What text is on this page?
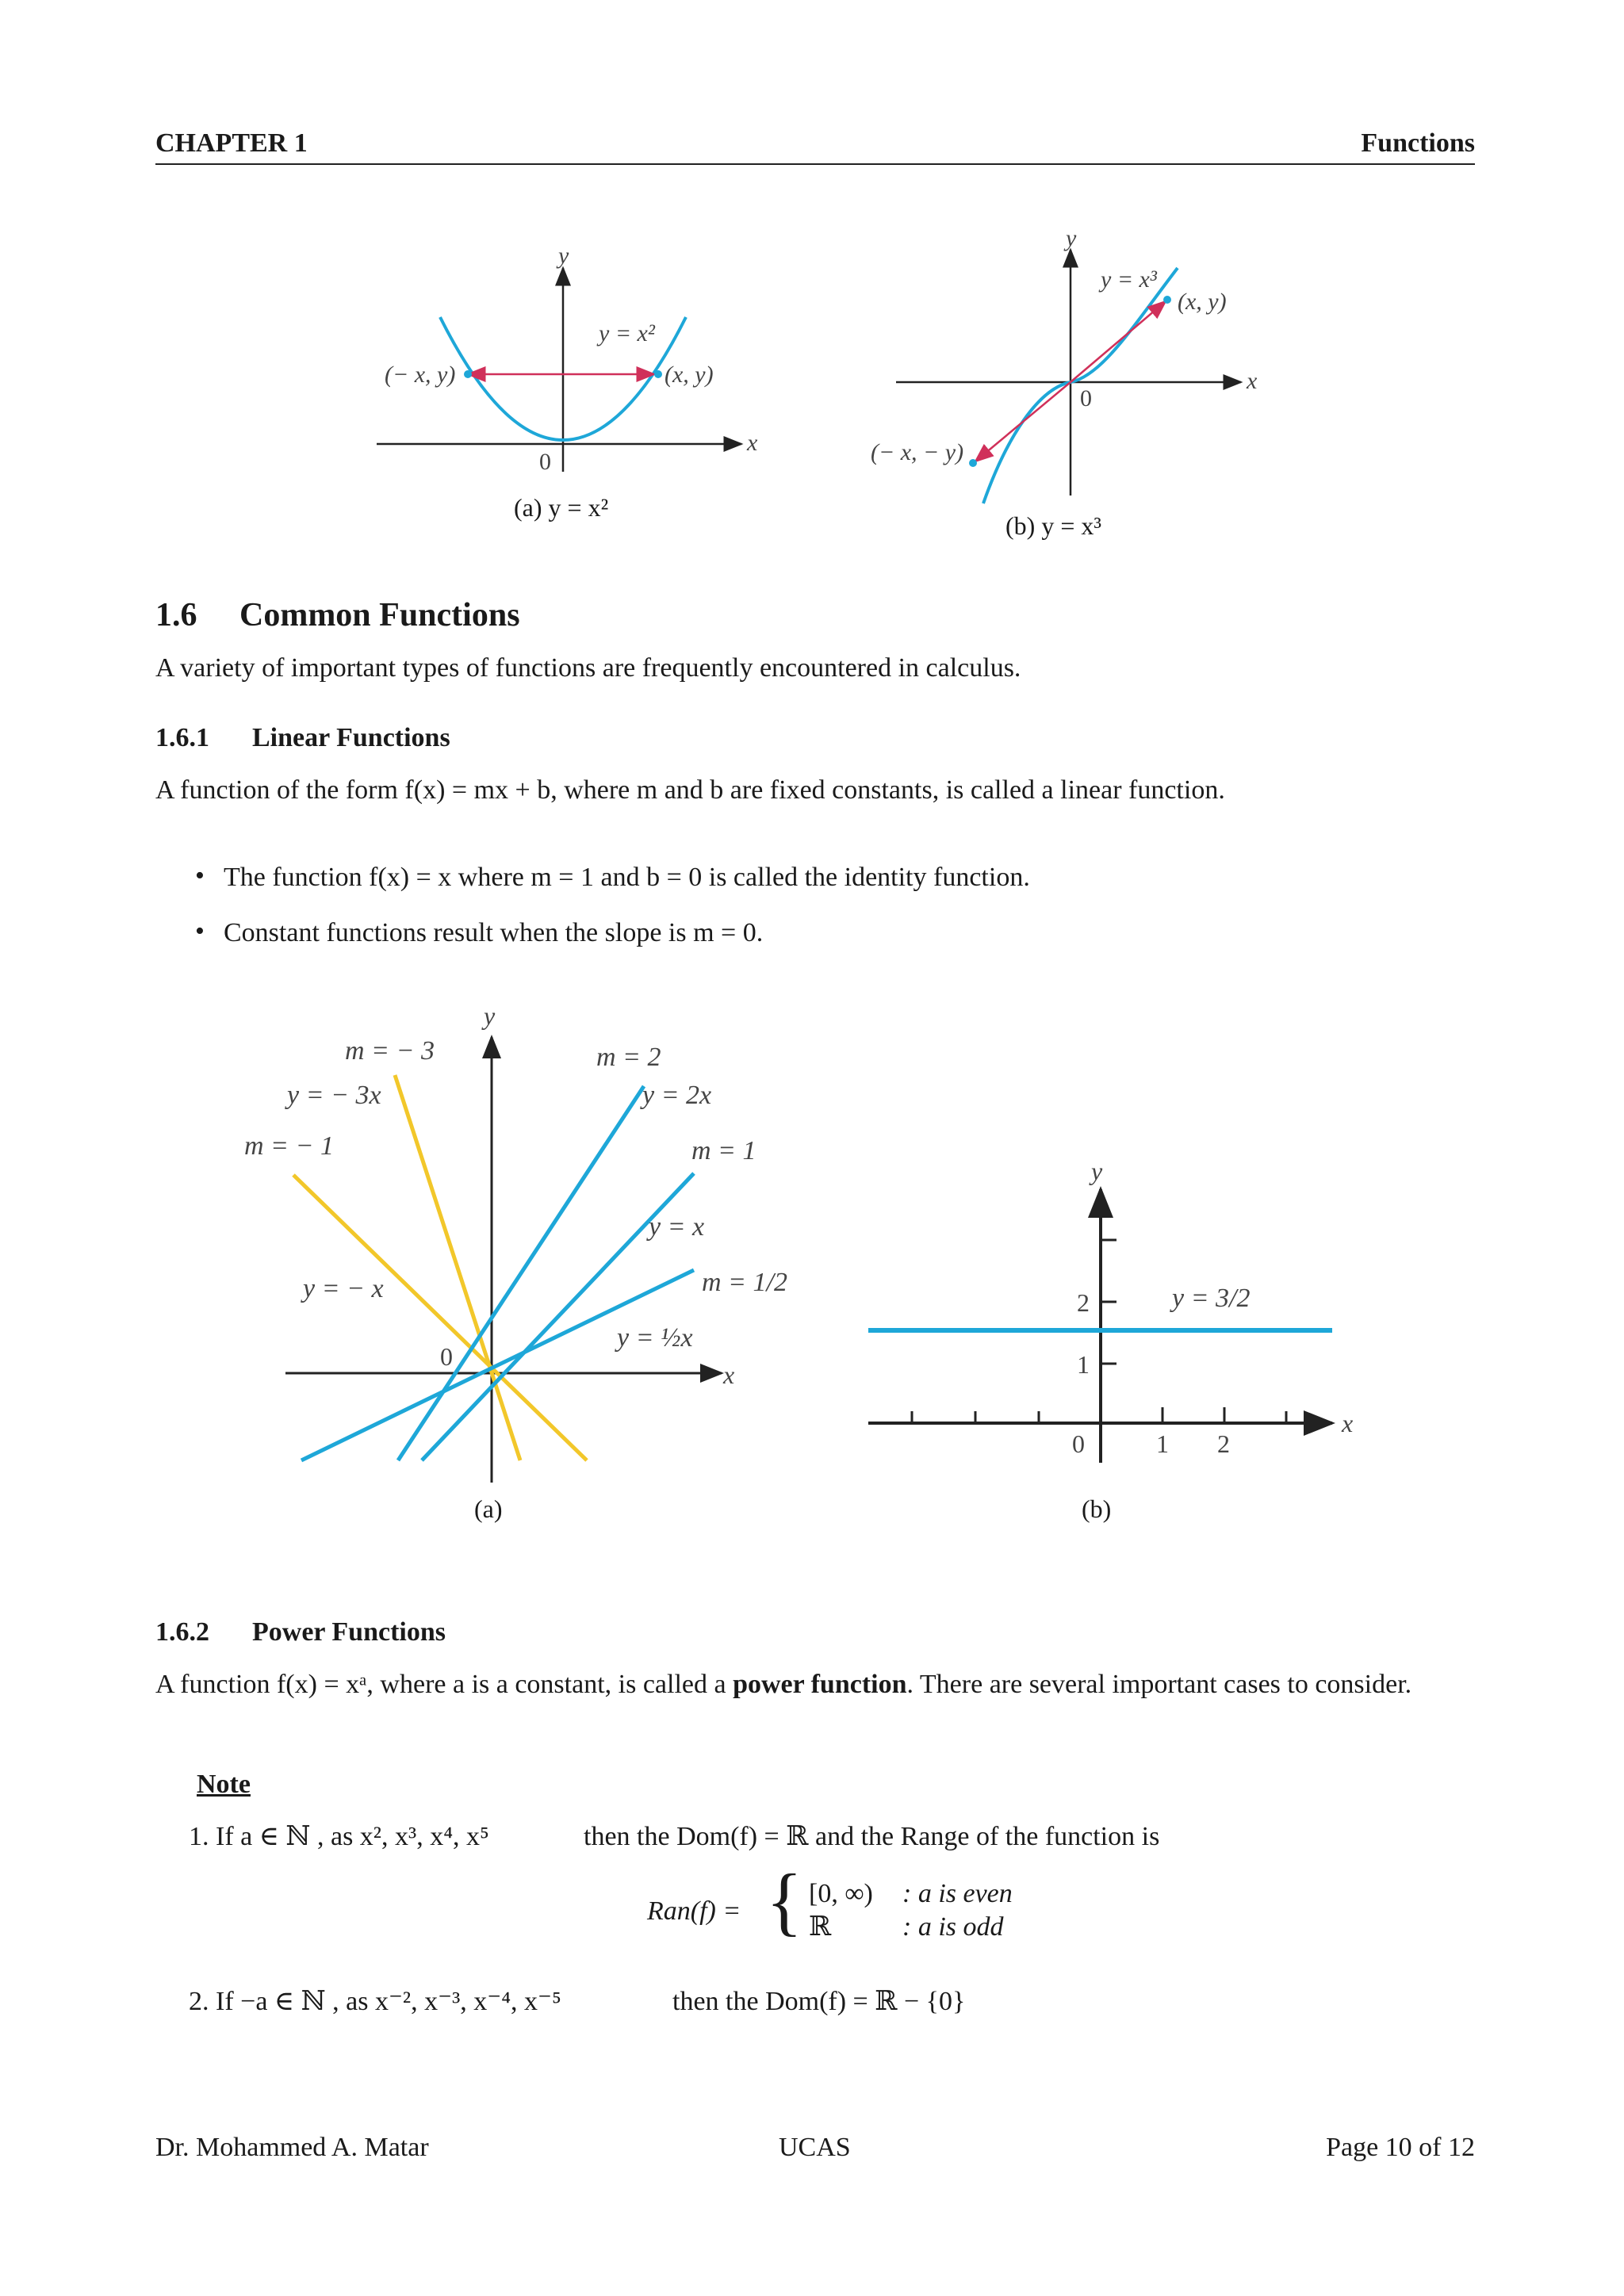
CHAPTER 1	Functions
y
x
0
y = x²
(− x, y)	(x, y)
(a) y = x²
y
x
0
y = x³
(x, y)
(− x, − y)
(b) y = x³
1.6 Common Functions
A variety of important types of functions are frequently encountered in calculus.
1.6.1 Linear Functions
A function of the form f(x) = mx + b, where m and b are fixed constants, is called a linear function.
• The function f(x) = x where m = 1 and b = 0 is called the identity function.
• Constant functions result when the slope is m = 0.
y
x
0
m = − 3
y = − 3x
m = − 1
y = − x
m = 2
y = 2x
m = 1
y = x
m = 1/2
y = ½x
(a)
y
x
0
1
2
1 2
y = 3/2
(b)
1.6.2 Power Functions
A function f(x) = xᵃ, where a is a constant, is called a power function. There are several important cases to consider.
Note
1. If a ∈ ℕ , as x², x³, x⁴, x⁵	then the Dom(f) = ℝ and the Range of the function is
Ran(f) = { [0, ∞) : a is even
ℝ	: a is odd
2. If −a ∈ ℕ , as x⁻², x⁻³, x⁻⁴, x⁻⁵	then the Dom(f) = ℝ − {0}
Dr. Mohammed A. Matar	UCAS	Page 10 of 12
